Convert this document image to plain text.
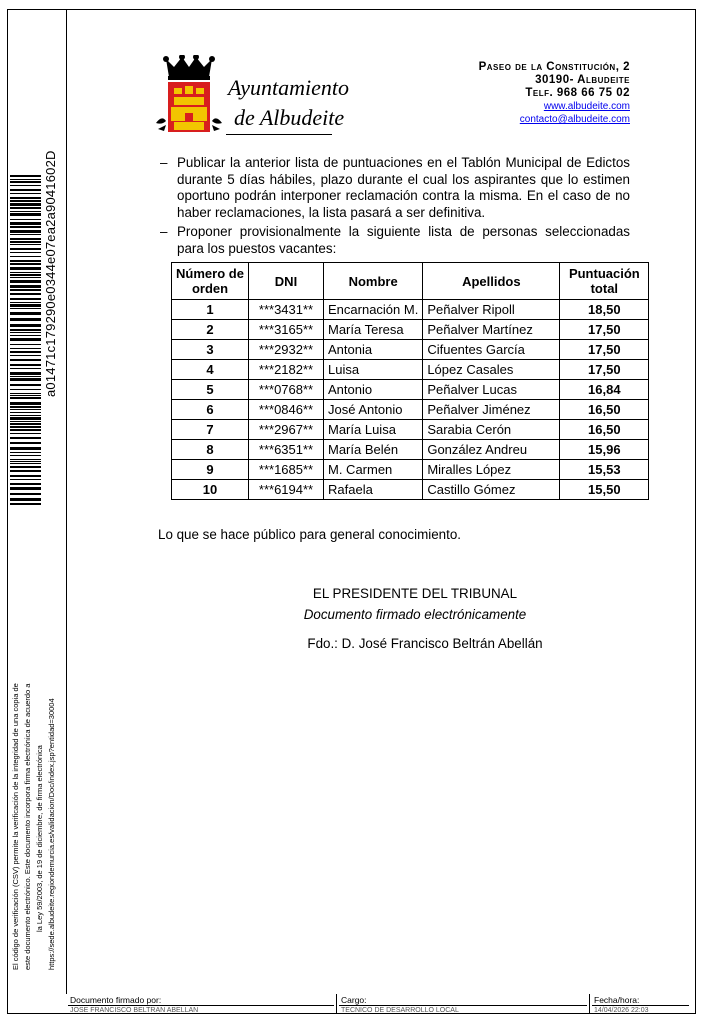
a01471c179290e0344e07ea2a9041602D
El código de verificación (CSV) permite la verificación de la integridad de una copia de este documento electrónico. Este documento incorpora firma electrónica de acuerdo a la Ley 59/2003, de 19 de diciembre, de firma electrónica https://sede.albudeite.regiondemurcia.es/validacion/Doc/index.jsp?entidad=30004
Ayuntamiento
de Albudeite
Paseo de la Constitución, 2
30190- Albudeite
Telf. 968 66 75 02
www.albudeite.com
contacto@albudeite.com
– Publicar la anterior lista de puntuaciones en el Tablón Municipal de Edictos durante 5 días hábiles, plazo durante el cual los aspirantes que lo estimen oportuno podrán interponer reclamación contra la misma. En el caso de no haber reclamaciones, la lista pasará a ser definitiva.
– Proponer provisionalmente la siguiente lista de personas seleccionadas para los puestos vacantes:
Número de
orden	DNI	Nombre	Apellidos	Puntuación
total
1	***3431**	Encarnación M.	Peñalver Ripoll	18,50
2	***3165**	María Teresa	Peñalver Martínez	17,50
3	***2932**	Antonia	Cifuentes García	17,50
4	***2182**	Luisa	López Casales	17,50
5	***0768**	Antonio	Peñalver Lucas	16,84
6	***0846**	José Antonio	Peñalver Jiménez	16,50
7	***2967**	María Luisa	Sarabia Cerón	16,50
8	***6351**	María Belén	González Andreu	15,96
9	***1685**	M. Carmen	Miralles López	15,53
10	***6194**	Rafaela	Castillo Gómez	15,50
Lo que se hace público para general conocimiento.
EL PRESIDENTE DEL TRIBUNAL
Documento firmado electrónicamente
Fdo.: D. José Francisco Beltrán Abellán
Documento firmado por:
JOSE FRANCISCO BELTRAN ABELLAN
Cargo:
TECNICO DE DESARROLLO LOCAL
Fecha/hora:
14/04/2026 22:03
